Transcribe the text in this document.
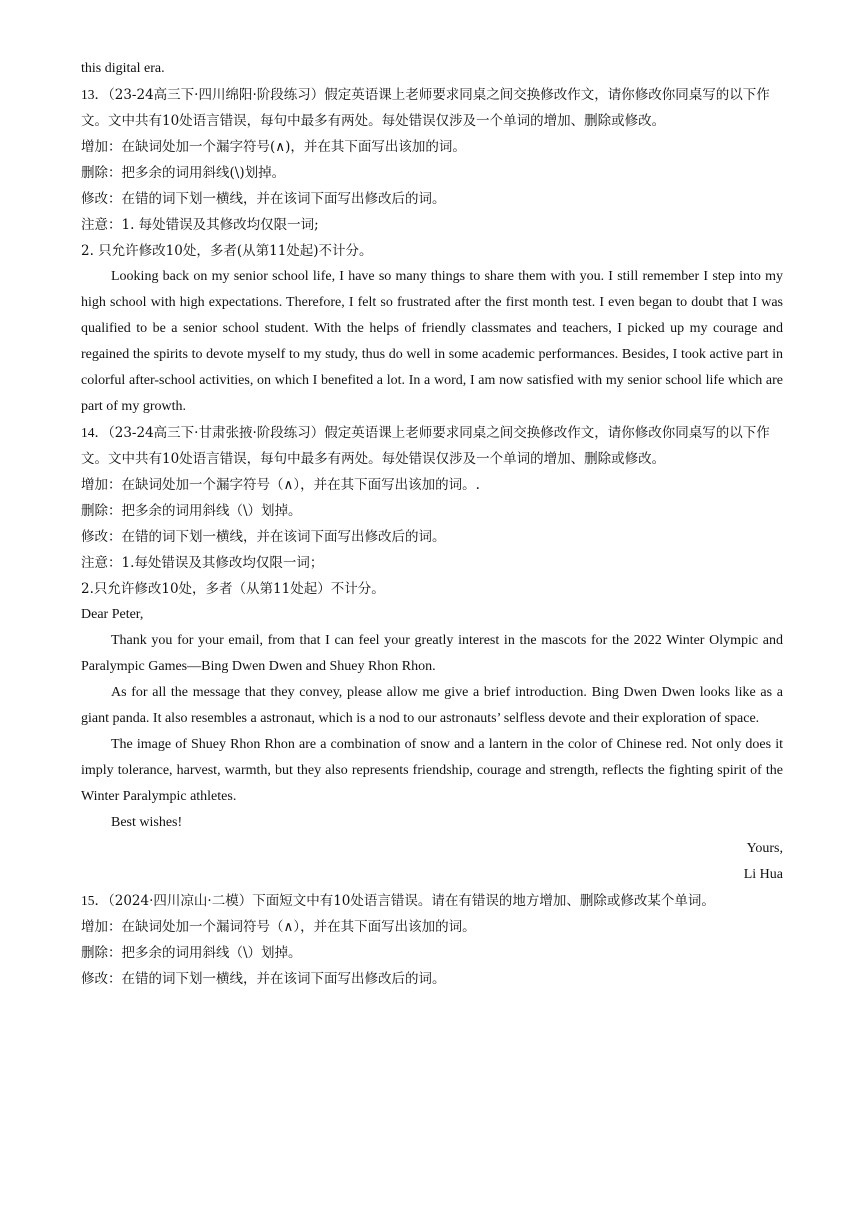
this digital era.
13．（23-24高三下·四川绵阳·阶段练习）假定英语课上老师要求同桌之间交换修改作文，请你修改你同桌写的以下作文。文中共有10处语言错误，每句中最多有两处。每处错误仅涉及一个单词的增加、删除或修改。
增加：在缺词处加一个漏字符号(∧)，并在其下面写出该加的词。
删除：把多余的词用斜线(\)划掉。
修改：在错的词下划一横线，并在该词下面写出修改后的词。
注意：1. 每处错误及其修改均仅限一词;
2. 只允许修改10处，多者(从第11处起)不计分。

Looking back on my senior school life, I have so many things to share them with you. I still remember I step into my high school with high expectations. Therefore, I felt so frustrated after the first month test. I even began to doubt that I was qualified to be a senior school student. With the helps of friendly classmates and teachers, I picked up my courage and regained the spirits to devote myself to my study, thus do well in some academic performances. Besides, I took active part in colorful after-school activities, on which I benefited a lot. In a word, I am now satisfied with my senior school life which are part of my growth.

14．（23-24高三下·甘肃张掖·阶段练习）假定英语课上老师要求同桌之间交换修改作文，请你修改你同桌写的以下作文。文中共有10处语言错误，每句中最多有两处。每处错误仅涉及一个单词的增加、删除或修改。
增加：在缺词处加一个漏字符号（∧），并在其下面写出该加的词。.
删除：把多余的词用斜线（\）划掉。
修改：在错的词下划一横线，并在该词下面写出修改后的词。
注意：1.每处错误及其修改均仅限一词；
2.只允许修改10处，多者（从第11处起）不计分。
Dear Peter,

Thank you for your email, from that I can feel your greatly interest in the mascots for the 2022 Winter Olympic and Paralympic Games—Bing Dwen Dwen and Shuey Rhon Rhon.

As for all the message that they convey, please allow me give a brief introduction. Bing Dwen Dwen looks like as a giant panda. It also resembles a astronaut, which is a nod to our astronauts’ selfless devote and their exploration of space.

The image of Shuey Rhon Rhon are a combination of snow and a lantern in the color of Chinese red. Not only does it imply tolerance, harvest, warmth, but they also represents friendship, courage and strength, reflects the fighting spirit of the Winter Paralympic athletes.

Best wishes!
Yours,
Li Hua
15．（2024·四川凉山·二模）下面短文中有10处语言错误。请在有错误的地方增加、删除或修改某个单词。
增加：在缺词处加一个漏词符号（∧），并在其下面写出该加的词。
删除：把多余的词用斜线（\）划掉。
修改：在错的词下划一横线，并在该词下面写出修改后的词。
